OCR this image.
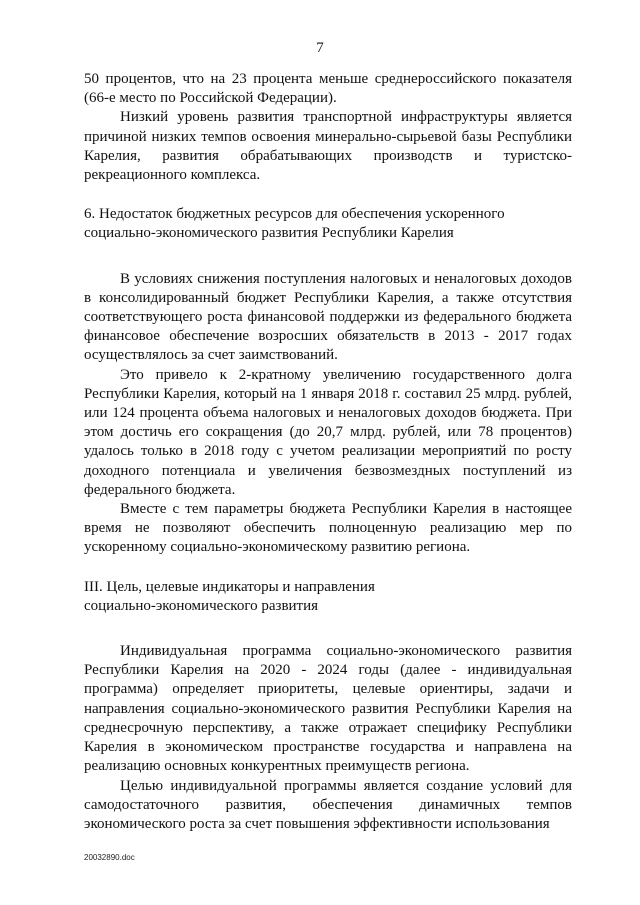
7

50 процентов, что на 23 процента меньше среднероссийского показателя (66-е место по Российской Федерации).

Низкий уровень развития транспортной инфраструктуры является причиной низких темпов освоения минерально-сырьевой базы Республики Карелия, развития обрабатывающих производств и туристско-рекреационного комплекса.

6. Недостаток бюджетных ресурсов для обеспечения ускоренного

социально-экономического развития Республики Карелия

В условиях снижения поступления налоговых и неналоговых доходов в консолидированный бюджет Республики Карелия, а также отсутствия соответствующего роста финансовой поддержки из федерального бюджета финансовое обеспечение возросших обязательств в 2013 - 2017 годах осуществлялось за счет заимствований.

Это привело к 2-кратному увеличению государственного долга Республики Карелия, который на 1 января 2018 г. составил 25 млрд. рублей, или 124 процента объема налоговых и неналоговых доходов бюджета. При этом достичь его сокращения (до 20,7 млрд. рублей, или 78 процентов) удалось только в 2018 году с учетом реализации мероприятий по росту доходного потенциала и увеличения безвозмездных поступлений из федерального бюджета.

Вместе с тем параметры бюджета Республики Карелия в настоящее время не позволяют обеспечить полноценную реализацию мер по ускоренному социально-экономическому развитию региона.

III. Цель, целевые индикаторы и направления

социально-экономического развития

Индивидуальная программа социально-экономического развития Республики Карелия на 2020 - 2024 годы (далее - индивидуальная программа) определяет приоритеты, целевые ориентиры, задачи и направления социально-экономического развития Республики Карелия на среднесрочную перспективу, а также отражает специфику Республики Карелия в экономическом пространстве государства и направлена на реализацию основных конкурентных преимуществ региона.

Целью индивидуальной программы является создание условий для самодостаточного развития, обеспечения динамичных темпов экономического роста за счет повышения эффективности использования

20032890.doc
